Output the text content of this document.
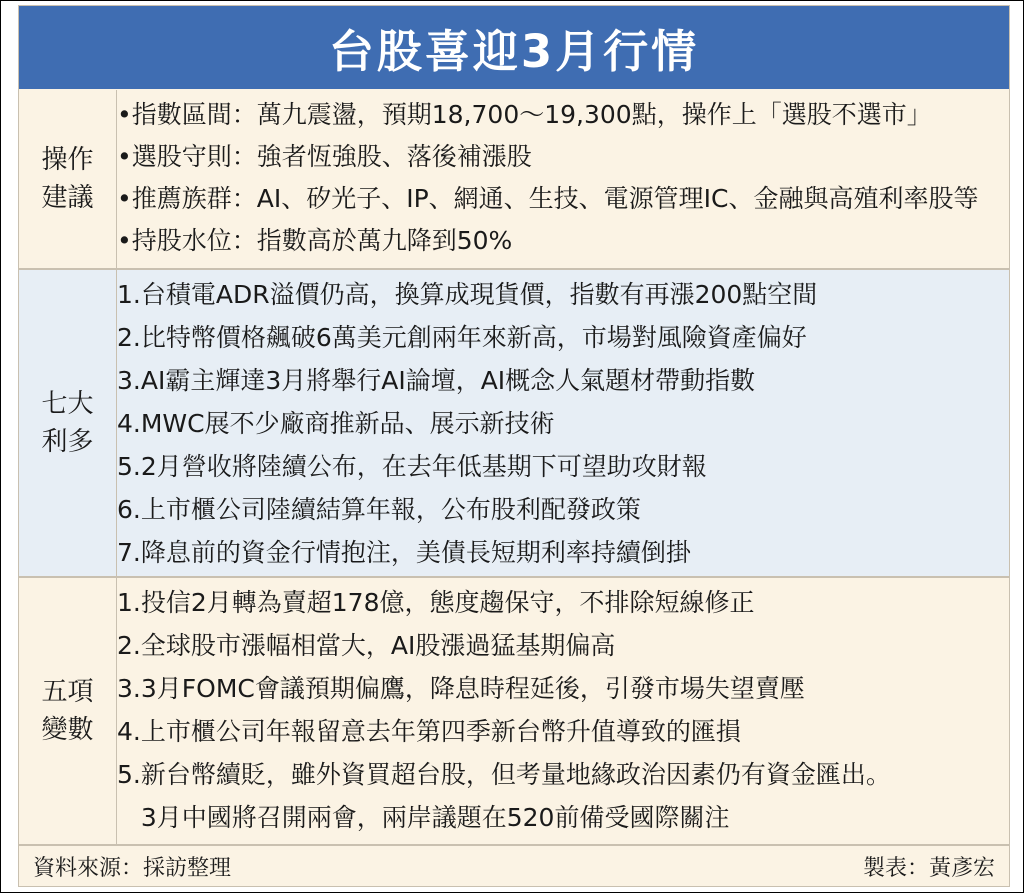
台股喜迎3月行情
操作
建議
•指數區間：萬九震盪，預期18,700～19,300點，操作上「選股不選市」
•選股守則：強者恆強股、落後補漲股
•推薦族群：AI、矽光子、IP、網通、生技、電源管理IC、金融與高殖利率股等
•持股水位：指數高於萬九降到50%
七大
利多
1.台積電ADR溢價仍高，換算成現貨價，指數有再漲200點空間
2.比特幣價格飆破6萬美元創兩年來新高，市場對風險資產偏好
3.AI霸主輝達3月將舉行AI論壇，AI概念人氣題材帶動指數
4.MWC展不少廠商推新品、展示新技術
5.2月營收將陸續公布，在去年低基期下可望助攻財報
6.上市櫃公司陸續結算年報，公布股利配發政策
7.降息前的資金行情抱注，美債長短期利率持續倒掛
五項
變數
1.投信2月轉為賣超178億，態度趨保守，不排除短線修正
2.全球股市漲幅相當大，AI股漲過猛基期偏高
3.3月FOMC會議預期偏鷹，降息時程延後，引發市場失望賣壓
4.上市櫃公司年報留意去年第四季新台幣升值導致的匯損
5.新台幣續貶，雖外資買超台股，但考量地緣政治因素仍有資金匯出。
3月中國將召開兩會，兩岸議題在520前備受國際關注
資料來源：採訪整理	製表：黃彥宏
